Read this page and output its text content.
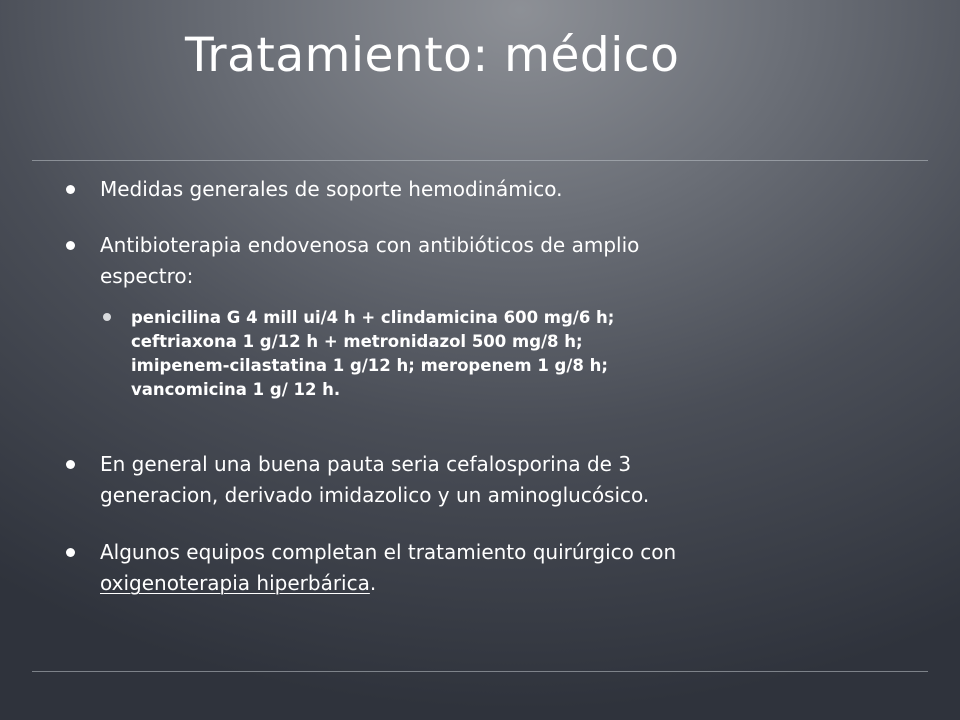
Tratamiento: médico
Medidas generales de soporte hemodinámico.
Antibioterapia endovenosa con antibióticos de amplio
espectro:
penicilina G 4 mill ui/4 h + clindamicina 600 mg/6 h;
ceftriaxona 1 g/12 h + metronidazol 500 mg/8 h;
imipenem-cilastatina 1 g/12 h; meropenem 1 g/8 h;
vancomicina 1 g/ 12 h.
En general una buena pauta seria cefalosporina de 3
generacion, derivado imidazolico y un aminoglucósico.
Algunos equipos completan el tratamiento quirúrgico con
oxigenoterapia hiperbárica.
